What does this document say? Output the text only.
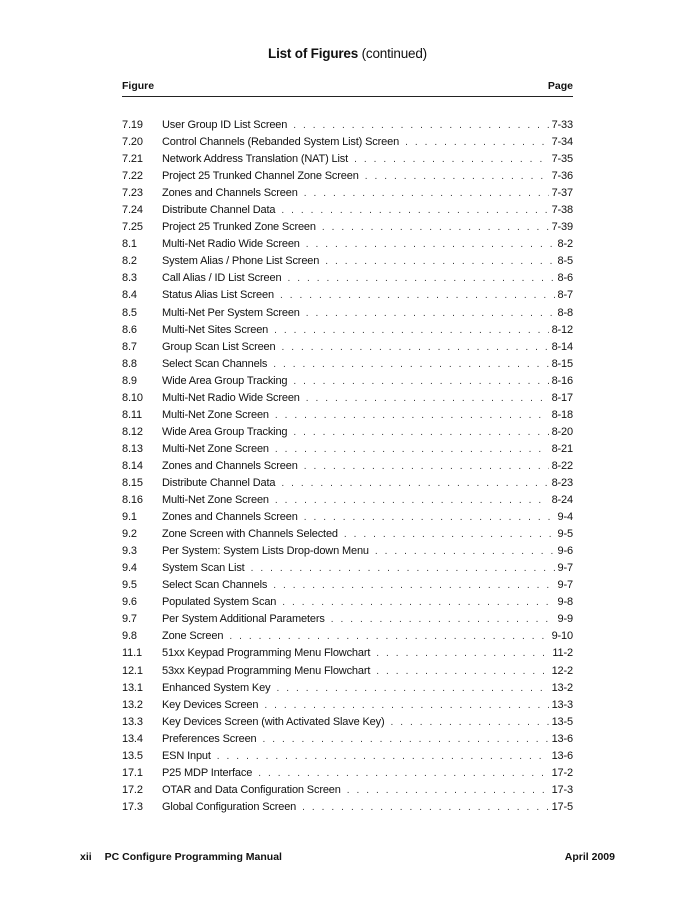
List of Figures (continued)
Figure	Page
7.19	User Group ID List Screen . . .	7-33
7.20	Control Channels (Rebanded System List) Screen . . .	7-34
7.21	Network Address Translation (NAT) List . . .	7-35
7.22	Project 25 Trunked Channel Zone Screen . . .	7-36
7.23	Zones and Channels Screen . . .	7-37
7.24	Distribute Channel Data . . .	7-38
7.25	Project 25 Trunked Zone Screen . . .	7-39
8.1	Multi-Net Radio Wide Screen . . .	8-2
8.2	System Alias / Phone List Screen . . .	8-5
8.3	Call Alias / ID List Screen . . .	8-6
8.4	Status Alias List Screen . . .	8-7
8.5	Multi-Net Per System Screen . . .	8-8
8.6	Multi-Net Sites Screen . . .	8-12
8.7	Group Scan List Screen . . .	8-14
8.8	Select Scan Channels . . .	8-15
8.9	Wide Area Group Tracking . . .	8-16
8.10	Multi-Net Radio Wide Screen . . .	8-17
8.11	Multi-Net Zone Screen . . .	8-18
8.12	Wide Area Group Tracking . . .	8-20
8.13	Multi-Net Zone Screen . . .	8-21
8.14	Zones and Channels Screen . . .	8-22
8.15	Distribute Channel Data . . .	8-23
8.16	Multi-Net Zone Screen . . .	8-24
9.1	Zones and Channels Screen . . .	9-4
9.2	Zone Screen with Channels Selected . . .	9-5
9.3	Per System: System Lists Drop-down Menu . . .	9-6
9.4	System Scan List . . .	9-7
9.5	Select Scan Channels . . .	9-7
9.6	Populated System Scan . . .	9-8
9.7	Per System Additional Parameters . . .	9-9
9.8	Zone Screen . . .	9-10
11.1	51xx Keypad Programming Menu Flowchart . . .	11-2
12.1	53xx Keypad Programming Menu Flowchart . . .	12-2
13.1	Enhanced System Key . . .	13-2
13.2	Key Devices Screen . . .	13-3
13.3	Key Devices Screen (with Activated Slave Key) . . .	13-5
13.4	Preferences Screen . . .	13-6
13.5	ESN Input . . .	13-6
17.1	P25 MDP Interface . . .	17-2
17.2	OTAR and Data Configuration Screen . . .	17-3
17.3	Global Configuration Screen . . .	17-5
xii PC Configure Programming Manual	April 2009
